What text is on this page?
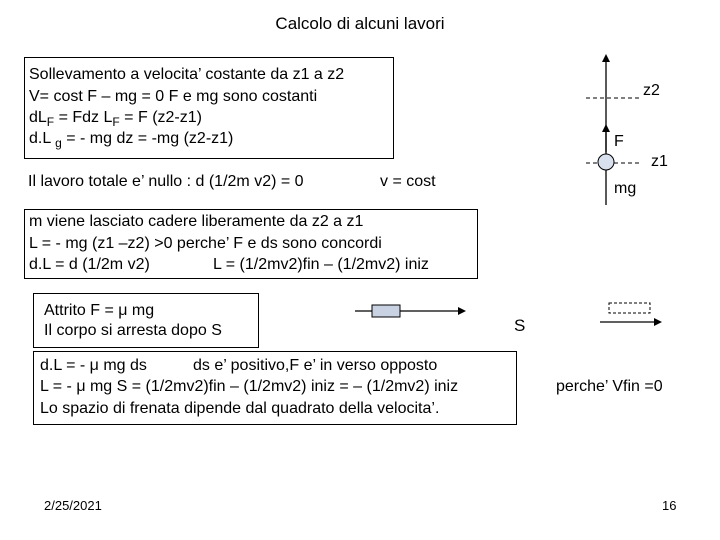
Calcolo di alcuni lavori
Sollevamento a velocita’ costante da z1 a z2
V= cost F – mg = 0 F e mg sono costanti
$dL_F$ = Fdz $L_F = F$ (z2-z1)
d.L $_g$ = - mg dz = -mg (z2-z1)
Il lavoro totale e’ nullo : d (1/2m v2) = 0	v = cost
m viene lasciato cadere liberamente da z2 a z1
L = - mg (z1 –z2) >0 perche’ F e ds sono concordi
d.L = d (1/2m v2)	L = (1/2mv2)fin – (1/2mv2) iniz
Attrito F = μ mg
Il corpo si arresta dopo S
d.L = - μ mg ds	ds e’ positivo,F e’ in verso opposto
L = - μ mg S = (1/2mv2)fin – (1/2mv2) iniz = – (1/2mv2) iniz
Lo spazio di frenata dipende dal quadrato della velocita’.
perche’ Vfin =0
z2
F
z1
mg
S
2/25/2021	16
